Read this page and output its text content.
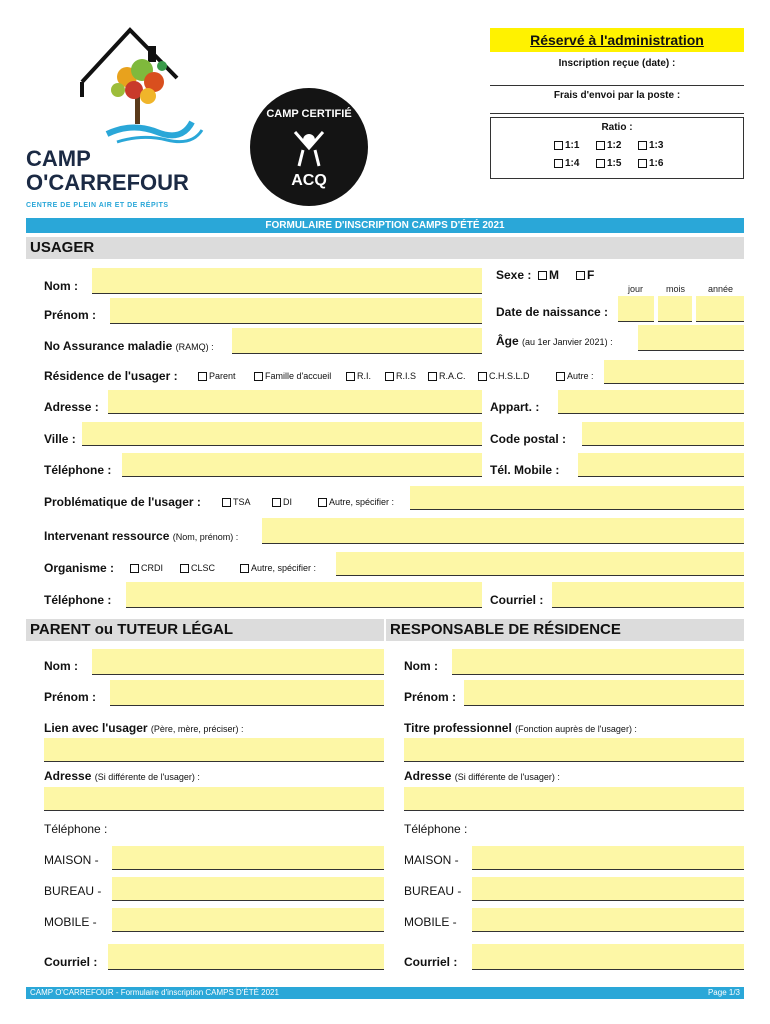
CAMP
O'CARREFOUR
CENTRE DE PLEIN AIR ET DE RÉPITS
CAMP CERTIFIÉ
ACQ
Réservé à l'administration
Inscription reçue (date) :
Frais d'envoi par la poste :
Ratio :
1:1	1:2	1:3
1:4	1:5	1:6
FORMULAIRE D'INSCRIPTION CAMPS D'ÉTÉ 2021
USAGER
Nom :
Sexe : M F
jour	mois	année
Prénom :	Date de naissance :
No Assurance maladie (RAMQ) :	Âge (au 1er Janvier 2021) :
Résidence de l'usager :	Parent	Famille d'accueil	R.I.	R.I.S	R.A.C.	C.H.S.L.D	Autre :
Adresse :	Appart. :
Ville :	Code postal :
Téléphone :	Tél. Mobile :
Problématique de l'usager :	TSA	DI	Autre, spécifier :
Intervenant ressource (Nom, prénom) :
Organisme :	CRDI	CLSC	Autre, spécifier :
Téléphone :	Courriel :
PARENT ou TUTEUR LÉGAL	RESPONSABLE DE RÉSIDENCE
Nom :
Prénom :
Lien avec l'usager (Père, mère, préciser) :
Adresse (Si différente de l'usager) :
Téléphone :
MAISON -
BUREAU -
MOBILE -
Courriel :
Nom :
Prénom :
Titre professionnel (Fonction auprès de l'usager) :
Adresse (Si différente de l'usager) :
Téléphone :
MAISON -
BUREAU -
MOBILE -
Courriel :
CAMP O'CARREFOUR - Formulaire d'inscription CAMPS D'ÉTÉ 2021	Page 1/3
